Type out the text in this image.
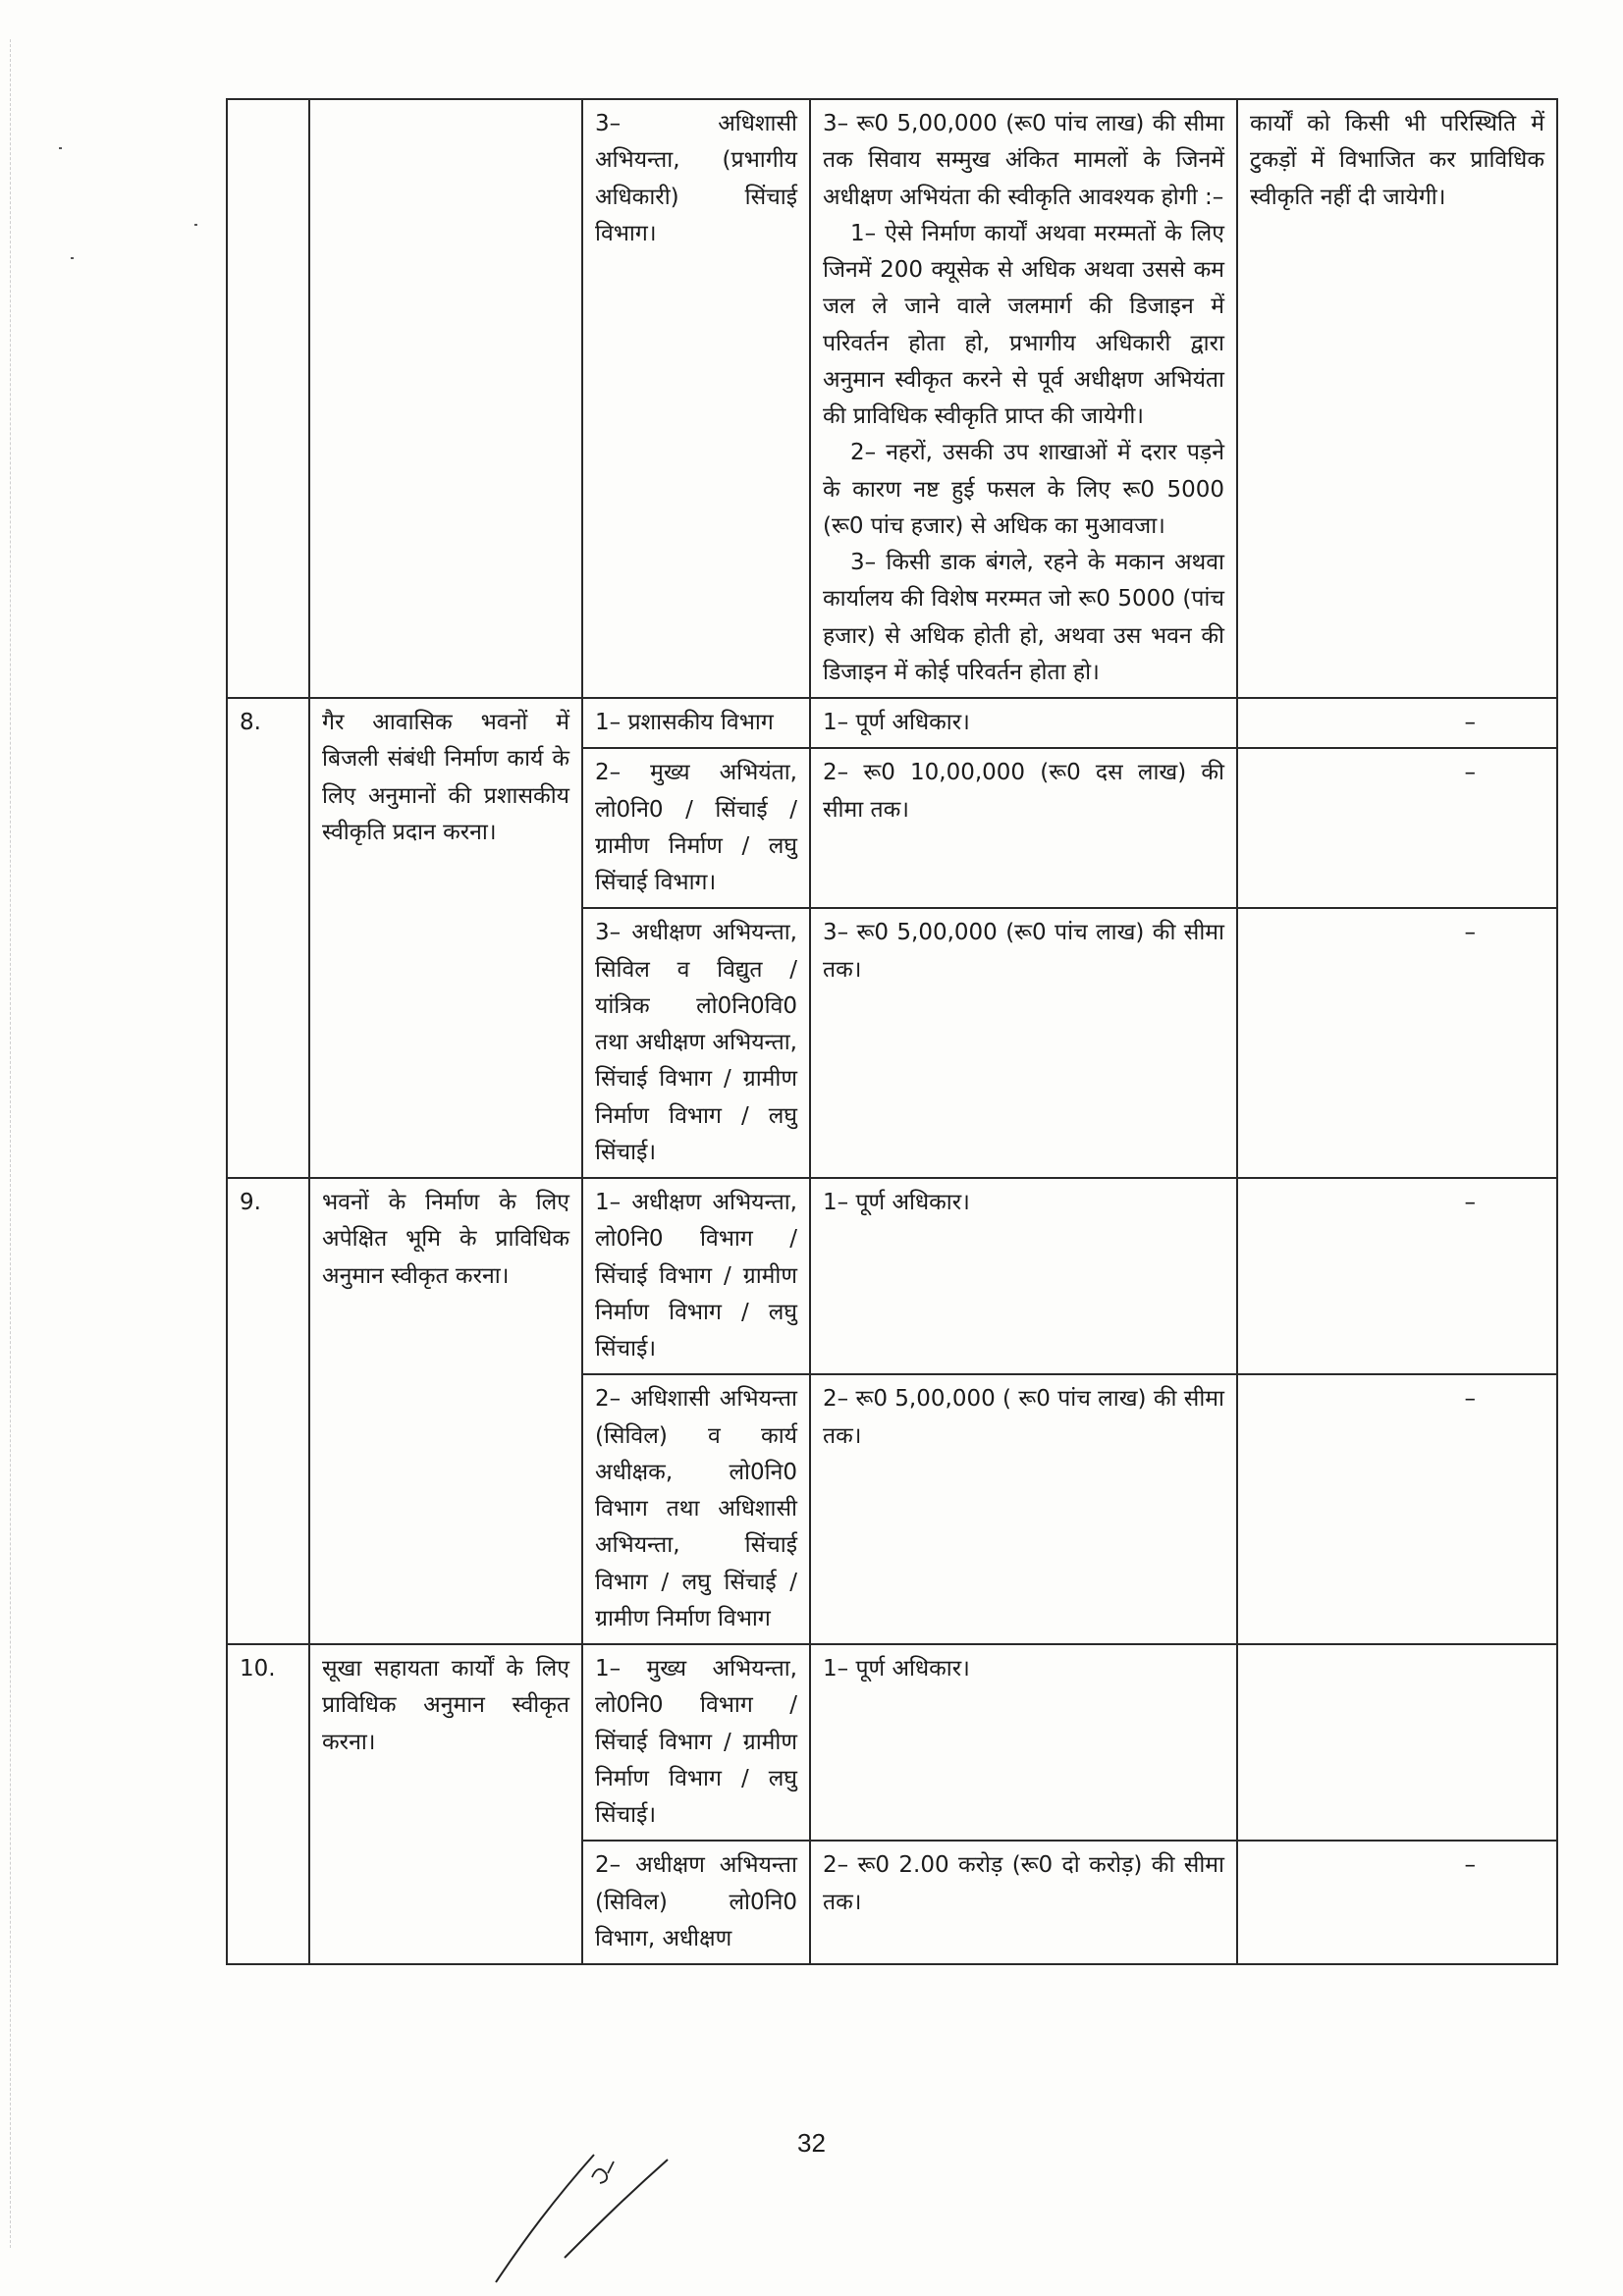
		3– अधिशासी अभियन्ता, (प्रभागीय अधिकारी) सिंचाई विभाग।	3– रू0 5,00,000 (रू0 पांच लाख) की सीमा तक सिवाय सम्मुख अंकित मामलों के जिनमें अधीक्षण अभियंता की स्वीकृति आवश्यक होगी :–
1– ऐसे निर्माण कार्यों अथवा मरम्मतों के लिए जिनमें 200 क्यूसेक से अधिक अथवा उससे कम जल ले जाने वाले जलमार्ग की डिजाइन में परिवर्तन होता हो, प्रभागीय अधिकारी द्वारा अनुमान स्वीकृत करने से पूर्व अधीक्षण अभियंता की प्राविधिक स्वीकृति प्राप्त की जायेगी।
2– नहरों, उसकी उप शाखाओं में दरार पड़ने के कारण नष्ट हुई फसल के लिए रू0 5000 (रू0 पांच हजार) से अधिक का मुआवजा।
3– किसी डाक बंगले, रहने के मकान अथवा कार्यालय की विशेष मरम्मत जो रू0 5000 (पांच हजार) से अधिक होती हो, अथवा उस भवन की डिजाइन में कोई परिवर्तन होता हो।	कार्यों को किसी भी परिस्थिति में टुकड़ों में विभाजित कर प्राविधिक स्वीकृति नहीं दी जायेगी।
8.	गैर आवासिक भवनों में बिजली संबंधी निर्माण कार्य के लिए अनुमानों की प्रशासकीय स्वीकृति प्रदान करना।	1– प्रशासकीय विभाग	1– पूर्ण अधिकार।	–

		2– मुख्य अभियंता, लो0नि0 / सिंचाई / ग्रामीण निर्माण / लघु सिंचाई विभाग।	2– रू0 10,00,000 (रू0 दस लाख) की सीमा तक।	–

		3– अधीक्षण अभियन्ता, सिविल व विद्युत / यांत्रिक लो0नि0वि0 तथा अधीक्षण अभियन्ता, सिंचाई विभाग / ग्रामीण निर्माण विभाग / लघु सिंचाई।	3– रू0 5,00,000 (रू0 पांच लाख) की सीमा तक।	–

9.	भवनों के निर्माण के लिए अपेक्षित भूमि के प्राविधिक अनुमान स्वीकृत करना।	1– अधीक्षण अभियन्ता, लो0नि0 विभाग / सिंचाई विभाग / ग्रामीण निर्माण विभाग / लघु सिंचाई।	1– पूर्ण अधिकार।	–

		2– अधिशासी अभियन्ता (सिविल) व कार्य अधीक्षक, लो0नि0 विभाग तथा अधिशासी अभियन्ता, सिंचाई विभाग / लघु सिंचाई / ग्रामीण निर्माण विभाग	2– रू0 5,00,000 ( रू0 पांच लाख) की सीमा तक।	–

10.	सूखा सहायता कार्यों के लिए प्राविधिक अनुमान स्वीकृत करना।	1– मुख्य अभियन्ता, लो0नि0 विभाग / सिंचाई विभाग / ग्रामीण निर्माण विभाग / लघु सिंचाई।	1– पूर्ण अधिकार।	

		2– अधीक्षण अभियन्ता (सिविल) लो0नि0 विभाग, अधीक्षण	2– रू0 2.00 करोड़ (रू0 दो करोड़) की सीमा तक।	–
32
